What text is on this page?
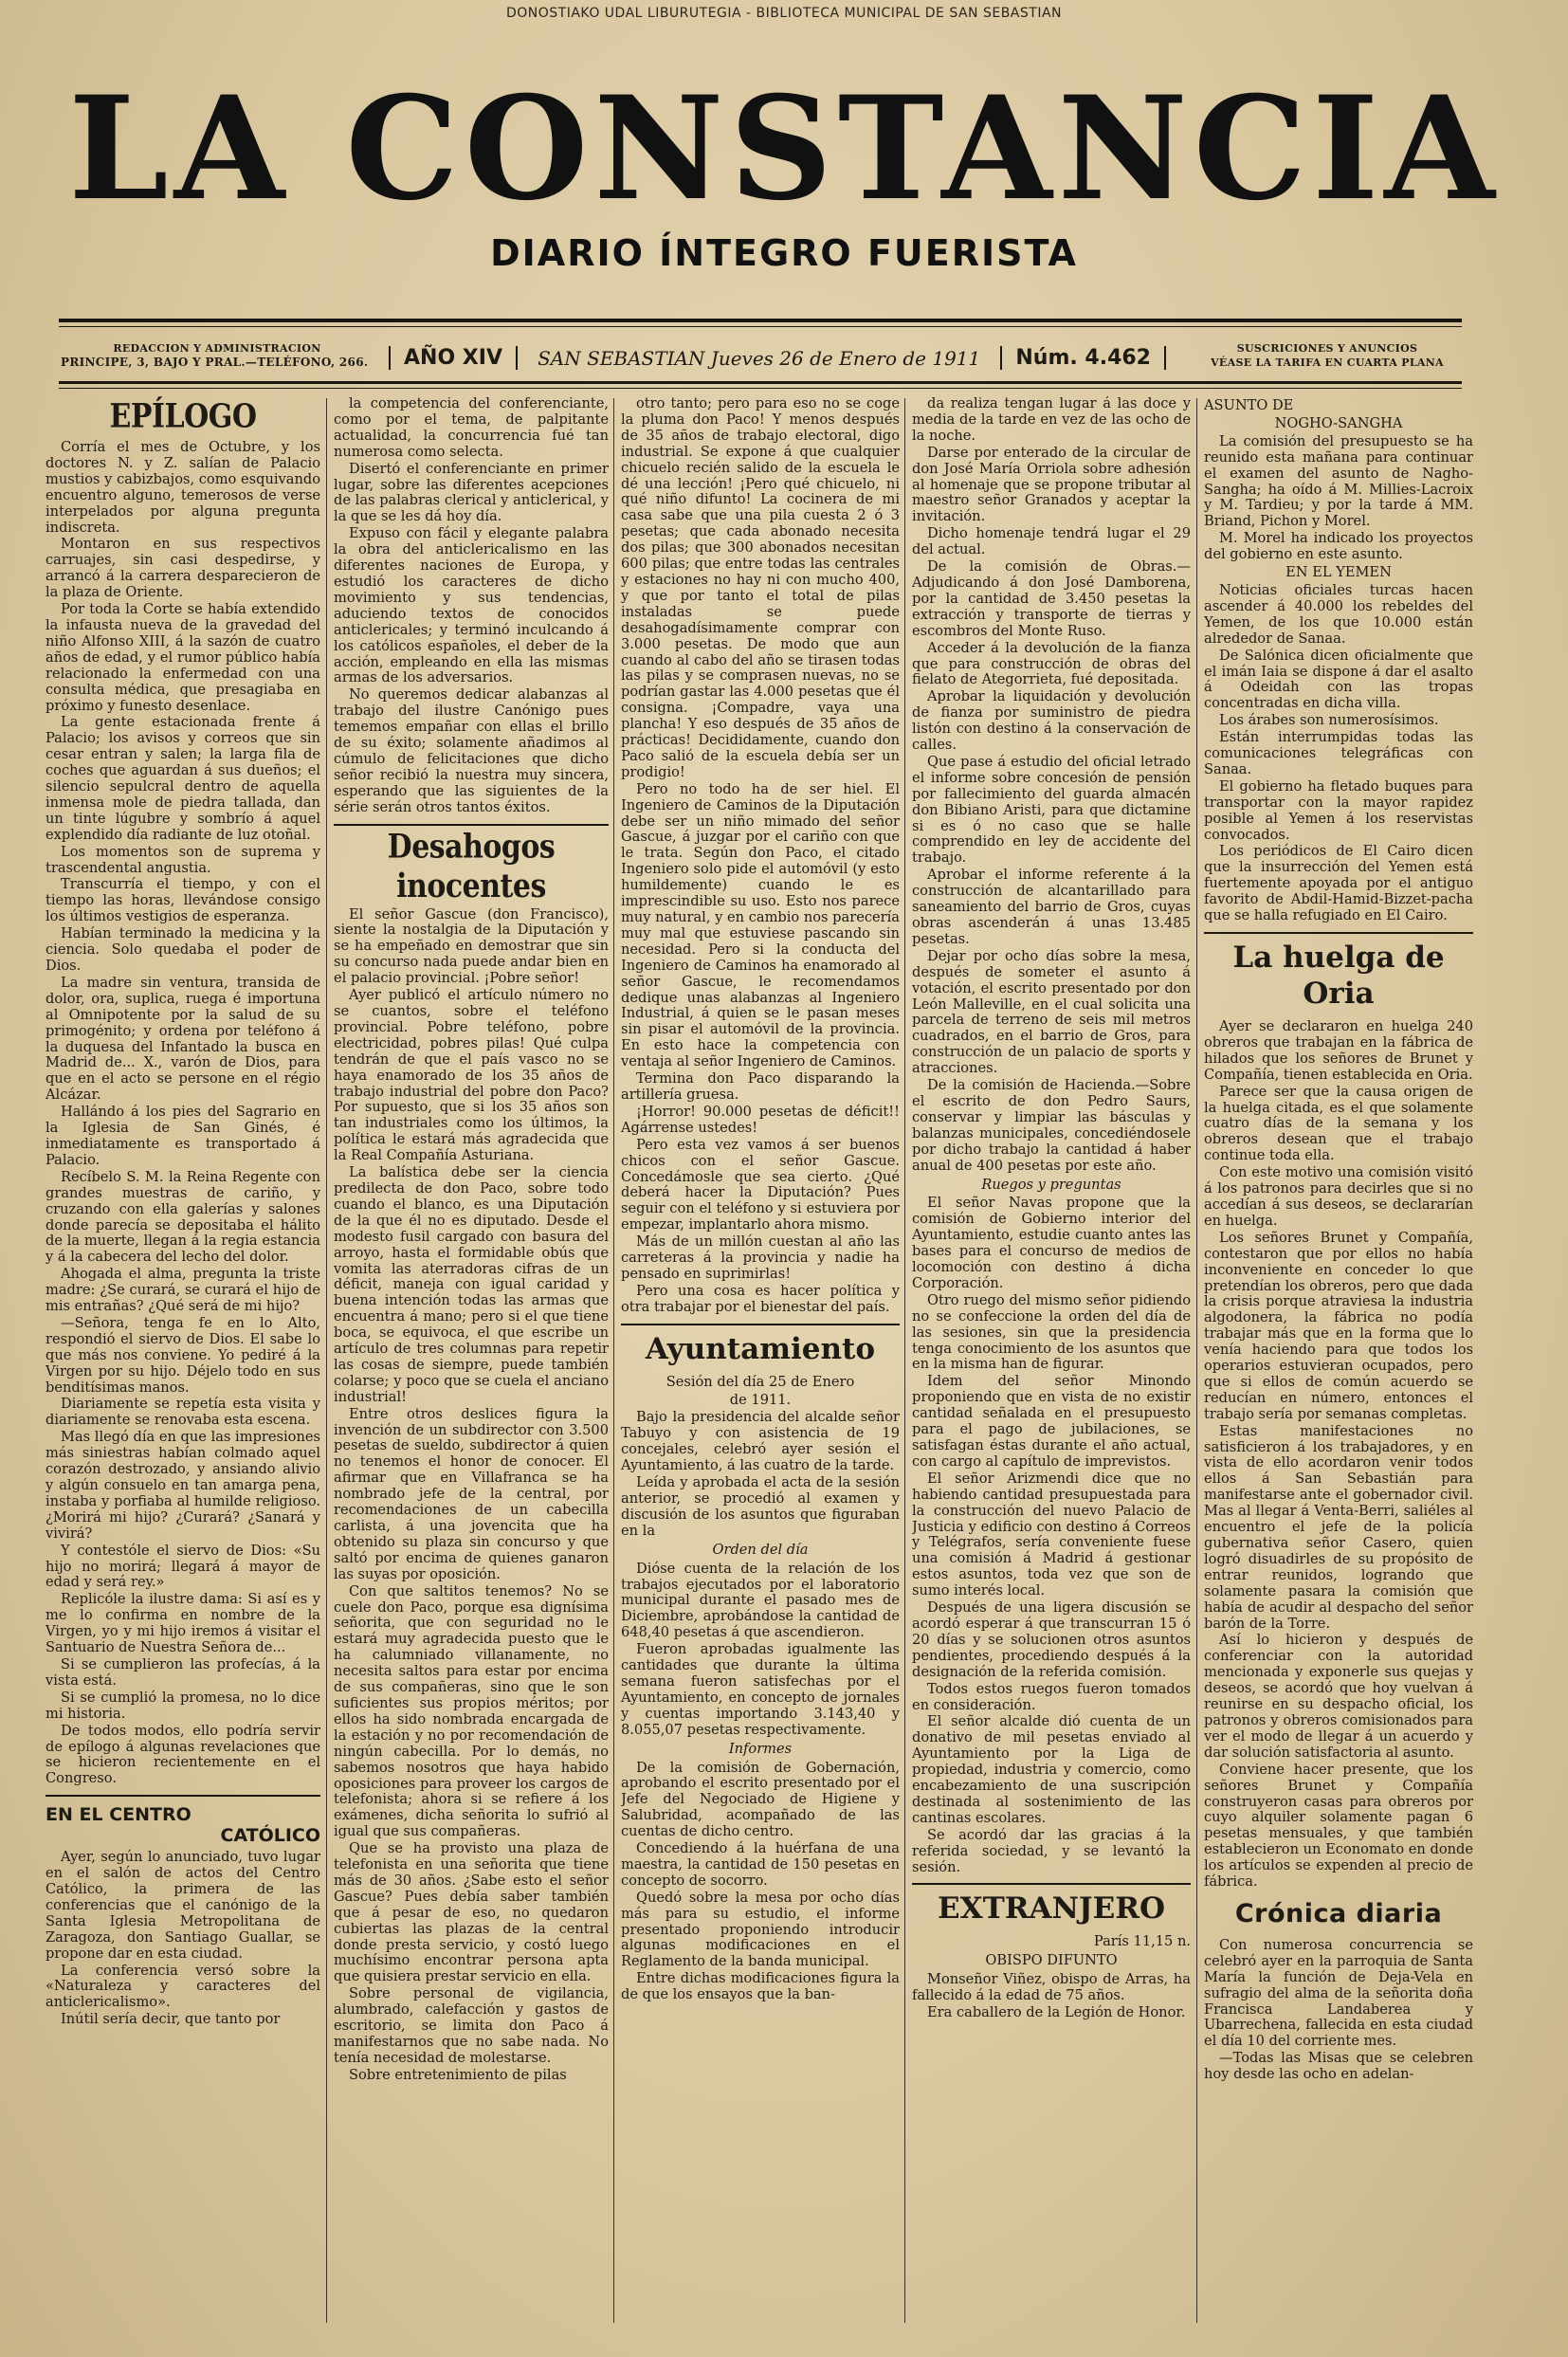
DONOSTIAKO UDAL LIBURUTEGIA - BIBLIOTECA MUNICIPAL DE SAN SEBASTIAN
LA CONSTANCIA
DIARIO ÍNTEGRO FUERISTA
REDACCION Y ADMINISTRACION
PRINCIPE, 3, BAJO Y PRAL.—TELÉFONO, 266.	AÑO XIV	SAN SEBASTIAN Jueves 26 de Enero de 1911	Núm. 4.462	SUSCRICIONES Y ANUNCIOS
VÉASE LA TARIFA EN CUARTA PLANA
EPÍLOGO

Corría el mes de Octubre, y los doctores N. y Z. salían de Palacio mustios y cabizbajos, como esquivando encuentro alguno, temerosos de verse interpelados por alguna pregunta indiscreta.

Montaron en sus respectivos carruajes, sin casi despedirse, y arrancó á la carrera desparecieron de la plaza de Oriente.

Por toda la Corte se había extendido la infausta nueva de la gravedad del niño Alfonso XIII, á la sazón de cuatro años de edad, y el rumor público había relacionado la enfermedad con una consulta médica, que presagiaba en próximo y funesto desenlace.

La gente estacionada frente á Palacio; los avisos y correos que sin cesar entran y salen; la larga fila de coches que aguardan á sus dueños; el silencio sepulcral dentro de aquella inmensa mole de piedra tallada, dan un tinte lúgubre y sombrío á aquel explendido día radiante de luz otoñal.

Los momentos son de suprema y trascendental angustia.

Transcurría el tiempo, y con el tiempo las horas, llevándose consigo los últimos vestigios de esperanza.

Habían terminado la medicina y la ciencia. Solo quedaba el poder de Dios.

La madre sin ventura, transida de dolor, ora, suplica, ruega é importuna al Omnipotente por la salud de su primogénito; y ordena por teléfono á la duquesa del Infantado la busca en Madrid de... X., varón de Dios, para que en el acto se persone en el régio Alcázar.

Hallándo á los pies del Sagrario en la Iglesia de San Ginés, é inmediatamente es transportado á Palacio.

Recíbelo S. M. la Reina Regente con grandes muestras de cariño, y cruzando con ella galerías y salones donde parecía se depositaba el hálito de la muerte, llegan á la regia estancia y á la cabecera del lecho del dolor.

Ahogada el alma, pregunta la triste madre: ¿Se curará, se curará el hijo de mis entrañas? ¿Qué será de mi hijo?

—Señora, tenga fe en lo Alto, respondió el siervo de Dios. El sabe lo que más nos conviene. Yo pediré á la Virgen por su hijo. Déjelo todo en sus benditísimas manos.

Diariamente se repetía esta visita y diariamente se renovaba esta escena.

Mas llegó día en que las impresiones más siniestras habían colmado aquel corazón destrozado, y ansiando alivio y algún consuelo en tan amarga pena, instaba y porfiaba al humilde religioso. ¿Morirá mi hijo? ¿Curará? ¿Sanará y vivirá?

Y contestóle el siervo de Dios: «Su hijo no morirá; llegará á mayor de edad y será rey.»

Replicóle la ilustre dama: Si así es y me lo confirma en nombre de la Virgen, yo y mi hijo iremos á visitar el Santuario de Nuestra Señora de...

Si se cumplieron las profecías, á la vista está.

Si se cumplió la promesa, no lo dice mi historia.

De todos modos, ello podría servir de epílogo á algunas revelaciones que se hicieron recientemente en el Congreso.

EN EL CENTRO
CATÓLICO

Ayer, según lo anunciado, tuvo lugar en el salón de actos del Centro Católico, la primera de las conferencias que el canónigo de la Santa Iglesia Metropolitana de Zaragoza, don Santiago Guallar, se propone dar en esta ciudad.

La conferencia versó sobre la «Naturaleza y caracteres del anticlericalismo».

Inútil sería decir, que tanto por

la competencia del conferenciante, como por el tema, de palpitante actualidad, la concurrencia fué tan numerosa como selecta.

Disertó el conferenciante en primer lugar, sobre las diferentes acepciones de las palabras clerical y anticlerical, y la que se les dá hoy día.

Expuso con fácil y elegante palabra la obra del anticlericalismo en las diferentes naciones de Europa, y estudió los caracteres de dicho movimiento y sus tendencias, aduciendo textos de conocidos anticlericales; y terminó inculcando á los católicos españoles, el deber de la acción, empleando en ella las mismas armas de los adversarios.

No queremos dedicar alabanzas al trabajo del ilustre Canónigo pues tememos empañar con ellas el brillo de su éxito; solamente añadimos al cúmulo de felicitaciones que dicho señor recibió la nuestra muy sincera, esperando que las siguientes de la série serán otros tantos éxitos.

Desahogos inocentes

El señor Gascue (don Francisco), siente la nostalgia de la Diputación y se ha empeñado en demostrar que sin su concurso nada puede andar bien en el palacio provincial. ¡Pobre señor!

Ayer publicó el artículo número no se cuantos, sobre el teléfono provincial. Pobre teléfono, pobre electricidad, pobres pilas! Qué culpa tendrán de que el país vasco no se haya enamorado de los 35 años de trabajo industrial del pobre don Paco? Por supuesto, que si los 35 años son tan industriales como los últimos, la política le estará más agradecida que la Real Compañía Asturiana.

La balística debe ser la ciencia predilecta de don Paco, sobre todo cuando el blanco, es una Diputación de la que él no es diputado. Desde el modesto fusil cargado con basura del arroyo, hasta el formidable obús que vomita las aterradoras cifras de un déficit, maneja con igual caridad y buena intención todas las armas que encuentra á mano; pero si el que tiene boca, se equivoca, el que escribe un artículo de tres columnas para repetir las cosas de siempre, puede también colarse; y poco que se cuela el anciano industrial!

Entre otros deslices figura la invención de un subdirector con 3.500 pesetas de sueldo, subdirector á quien no tenemos el honor de conocer. El afirmar que en Villafranca se ha nombrado jefe de la central, por recomendaciones de un cabecilla carlista, á una jovencita que ha obtenido su plaza sin concurso y que saltó por encima de quienes ganaron las suyas por oposición.

Con que saltitos tenemos? No se cuele don Paco, porque esa dignísima señorita, que con seguridad no le estará muy agradecida puesto que le ha calumniado villanamente, no necesita saltos para estar por encima de sus compañeras, sino que le son suficientes sus propios méritos; por ellos ha sido nombrada encargada de la estación y no por recomendación de ningún cabecilla. Por lo demás, no sabemos nosotros que haya habido oposiciones para proveer los cargos de telefonista; ahora si se refiere á los exámenes, dicha señorita lo sufrió al igual que sus compañeras.

Que se ha provisto una plaza de telefonista en una señorita que tiene más de 30 años. ¿Sabe esto el señor Gascue? Pues debía saber también que á pesar de eso, no quedaron cubiertas las plazas de la central donde presta servicio, y costó luego muchísimo encontrar persona apta que quisiera prestar servicio en ella.

Sobre personal de vigilancia, alumbrado, calefacción y gastos de escritorio, se limita don Paco á manifestarnos que no sabe nada. No tenía necesidad de molestarse.

Sobre entretenimiento de pilas

otro tanto; pero para eso no se coge la pluma don Paco! Y menos después de 35 años de trabajo electoral, digo industrial. Se expone á que cualquier chicuelo recién salido de la escuela le dé una lección! ¡Pero qué chicuelo, ni qué niño difunto! La cocinera de mi casa sabe que una pila cuesta 2 ó 3 pesetas; que cada abonado necesita dos pilas; que 300 abonados necesitan 600 pilas; que entre todas las centrales y estaciones no hay ni con mucho 400, y que por tanto el total de pilas instaladas se puede desahogadísimamente comprar con 3.000 pesetas. De modo que aun cuando al cabo del año se tirasen todas las pilas y se comprasen nuevas, no se podrían gastar las 4.000 pesetas que él consigna. ¡Compadre, vaya una plancha! Y eso después de 35 años de prácticas! Decididamente, cuando don Paco salió de la escuela debía ser un prodigio!

Pero no todo ha de ser hiel. El Ingeniero de Caminos de la Diputación debe ser un niño mimado del señor Gascue, á juzgar por el cariño con que le trata. Según don Paco, el citado Ingeniero solo pide el automóvil (y esto humildemente) cuando le es imprescindible su uso. Esto nos parece muy natural, y en cambio nos parecería muy mal que estuviese pascando sin necesidad. Pero si la conducta del Ingeniero de Caminos ha enamorado al señor Gascue, le recomendamos dedique unas alabanzas al Ingeniero Industrial, á quien se le pasan meses sin pisar el automóvil de la provincia. En esto hace la competencia con ventaja al señor Ingeniero de Caminos.

Termina don Paco disparando la artillería gruesa.

¡Horror! 90.000 pesetas de déficit!! Agárrense ustedes!

Pero esta vez vamos á ser buenos chicos con el señor Gascue. Concedámosle que sea cierto. ¿Qué deberá hacer la Diputación? Pues seguir con el teléfono y si estuviera por empezar, implantarlo ahora mismo.

Más de un millón cuestan al año las carreteras á la provincia y nadie ha pensado en suprimirlas!

Pero una cosa es hacer política y otra trabajar por el bienestar del país.

Ayuntamiento

Sesión del día 25 de Enero

de 1911.

Bajo la presidencia del alcalde señor Tabuyo y con asistencia de 19 concejales, celebró ayer sesión el Ayuntamiento, á las cuatro de la tarde.

Leída y aprobada el acta de la sesión anterior, se procedió al examen y discusión de los asuntos que figuraban en la

Orden del día

Dióse cuenta de la relación de los trabajos ejecutados por el laboratorio municipal durante el pasado mes de Diciembre, aprobándose la cantidad de 648,40 pesetas á que ascendieron.

Fueron aprobadas igualmente las cantidades que durante la última semana fueron satisfechas por el Ayuntamiento, en concepto de jornales y cuentas importando 3.143,40 y 8.055,07 pesetas respectivamente.

Informes

De la comisión de Gobernación, aprobando el escrito presentado por el Jefe del Negociado de Higiene y Salubridad, acompañado de las cuentas de dicho centro.

Concediendo á la huérfana de una maestra, la cantidad de 150 pesetas en concepto de socorro.

Quedó sobre la mesa por ocho días más para su estudio, el informe presentado proponiendo introducir algunas modificaciones en el Reglamento de la banda municipal.

Entre dichas modificaciones figura la de que los ensayos que la ban-

da realiza tengan lugar á las doce y media de la tarde en vez de las ocho de la noche.

Darse por enterado de la circular de don José María Orriola sobre adhesión al homenaje que se propone tributar al maestro señor Granados y aceptar la invitación.

Dicho homenaje tendrá lugar el 29 del actual.

De la comisión de Obras.—Adjudicando á don José Damborena, por la cantidad de 3.450 pesetas la extracción y transporte de tierras y escombros del Monte Ruso.

Acceder á la devolución de la fianza que para construcción de obras del fielato de Ategorrieta, fué depositada.

Aprobar la liquidación y devolución de fianza por suministro de piedra listón con destino á la conservación de calles.

Que pase á estudio del oficial letrado el informe sobre concesión de pensión por fallecimiento del guarda almacén don Bibiano Aristi, para que dictamine si es ó no caso que se halle comprendido en ley de accidente del trabajo.

Aprobar el informe referente á la construcción de alcantarillado para saneamiento del barrio de Gros, cuyas obras ascenderán á unas 13.485 pesetas.

Dejar por ocho días sobre la mesa, después de someter el asunto á votación, el escrito presentado por don León Malleville, en el cual solicita una parcela de terreno de seis mil metros cuadrados, en el barrio de Gros, para construcción de un palacio de sports y atracciones.

De la comisión de Hacienda.—Sobre el escrito de don Pedro Saurs, conservar y limpiar las básculas y balanzas municipales, concediéndosele por dicho trabajo la cantidad á haber anual de 400 pesetas por este año.

Ruegos y preguntas

El señor Navas propone que la comisión de Gobierno interior del Ayuntamiento, estudie cuanto antes las bases para el concurso de medios de locomoción con destino á dicha Corporación.

Otro ruego del mismo señor pidiendo no se confeccione la orden del día de las sesiones, sin que la presidencia tenga conocimiento de los asuntos que en la misma han de figurar.

Idem del señor Minondo proponiendo que en vista de no existir cantidad señalada en el presupuesto para el pago de jubilaciones, se satisfagan éstas durante el año actual, con cargo al capítulo de imprevistos.

El señor Arizmendi dice que no habiendo cantidad presupuestada para la construcción del nuevo Palacio de Justicia y edificio con destino á Correos y Telégrafos, sería conveniente fuese una comisión á Madrid á gestionar estos asuntos, toda vez que son de sumo interés local.

Después de una ligera discusión se acordó esperar á que transcurran 15 ó 20 días y se solucionen otros asuntos pendientes, procediendo después á la designación de la referida comisión.

Todos estos ruegos fueron tomados en consideración.

El señor alcalde dió cuenta de un donativo de mil pesetas enviado al Ayuntamiento por la Liga de propiedad, industria y comercio, como encabezamiento de una suscripción destinada al sostenimiento de las cantinas escolares.

Se acordó dar las gracias á la referida sociedad, y se levantó la sesión.

EXTRANJERO

París 11,15 n.

OBISPO DIFUNTO

Monseñor Viñez, obispo de Arras, ha fallecido á la edad de 75 años.

Era caballero de la Legión de Honor.

ASUNTO DE

NOGHO-SANGHA

La comisión del presupuesto se ha reunido esta mañana para continuar el examen del asunto de Nagho-Sangha; ha oído á M. Millies-Lacroix y M. Tardieu; y por la tarde á MM. Briand, Pichon y Morel.

M. Morel ha indicado los proyectos del gobierno en este asunto.

EN EL YEMEN

Noticias oficiales turcas hacen ascender á 40.000 los rebeldes del Yemen, de los que 10.000 están alrededor de Sanaa.

De Salónica dicen oficialmente que el imán Iaia se dispone á dar el asalto á Odeidah con las tropas concentradas en dicha villa.

Los árabes son numerosísimos.

Están interrumpidas todas las comunicaciones telegráficas con Sanaa.

El gobierno ha fletado buques para transportar con la mayor rapidez posible al Yemen á los reservistas convocados.

Los periódicos de El Cairo dicen que la insurrección del Yemen está fuertemente apoyada por el antiguo favorito de Abdil-Hamid-Bizzet-pacha que se halla refugiado en El Cairo.

La huelga de Oria

Ayer se declararon en huelga 240 obreros que trabajan en la fábrica de hilados que los señores de Brunet y Compañía, tienen establecida en Oria.

Parece ser que la causa origen de la huelga citada, es el que solamente cuatro días de la semana y los obreros desean que el trabajo continue toda ella.

Con este motivo una comisión visitó á los patronos para decirles que si no accedían á sus deseos, se declararían en huelga.

Los señores Brunet y Compañía, contestaron que por ellos no había inconveniente en conceder lo que pretendían los obreros, pero que dada la crisis porque atraviesa la industria algodonera, la fábrica no podía trabajar más que en la forma que lo venía haciendo para que todos los operarios estuvieran ocupados, pero que si ellos de común acuerdo se reducían en número, entonces el trabajo sería por semanas completas.

Estas manifestaciones no satisficieron á los trabajadores, y en vista de ello acordaron venir todos ellos á San Sebastián para manifestarse ante el gobernador civil. Mas al llegar á Venta-Berri, saliéles al encuentro el jefe de la policía gubernativa señor Casero, quien logró disuadirles de su propósito de entrar reunidos, logrando que solamente pasara la comisión que había de acudir al despacho del señor barón de la Torre.

Así lo hicieron y después de conferenciar con la autoridad mencionada y exponerle sus quejas y deseos, se acordó que hoy vuelvan á reunirse en su despacho oficial, los patronos y obreros comisionados para ver el modo de llegar á un acuerdo y dar solución satisfactoria al asunto.

Conviene hacer presente, que los señores Brunet y Compañía construyeron casas para obreros por cuyo alquiler solamente pagan 6 pesetas mensuales, y que también establecieron un Economato en donde los artículos se expenden al precio de fábrica.

Crónica diaria

Con numerosa concurrencia se celebró ayer en la parroquia de Santa María la función de Deja-Vela en sufragio del alma de la señorita doña Francisca Landaberea y Ubarrechena, fallecida en esta ciudad el día 10 del corriente mes.

—Todas las Misas que se celebren hoy desde las ocho en adelan-
